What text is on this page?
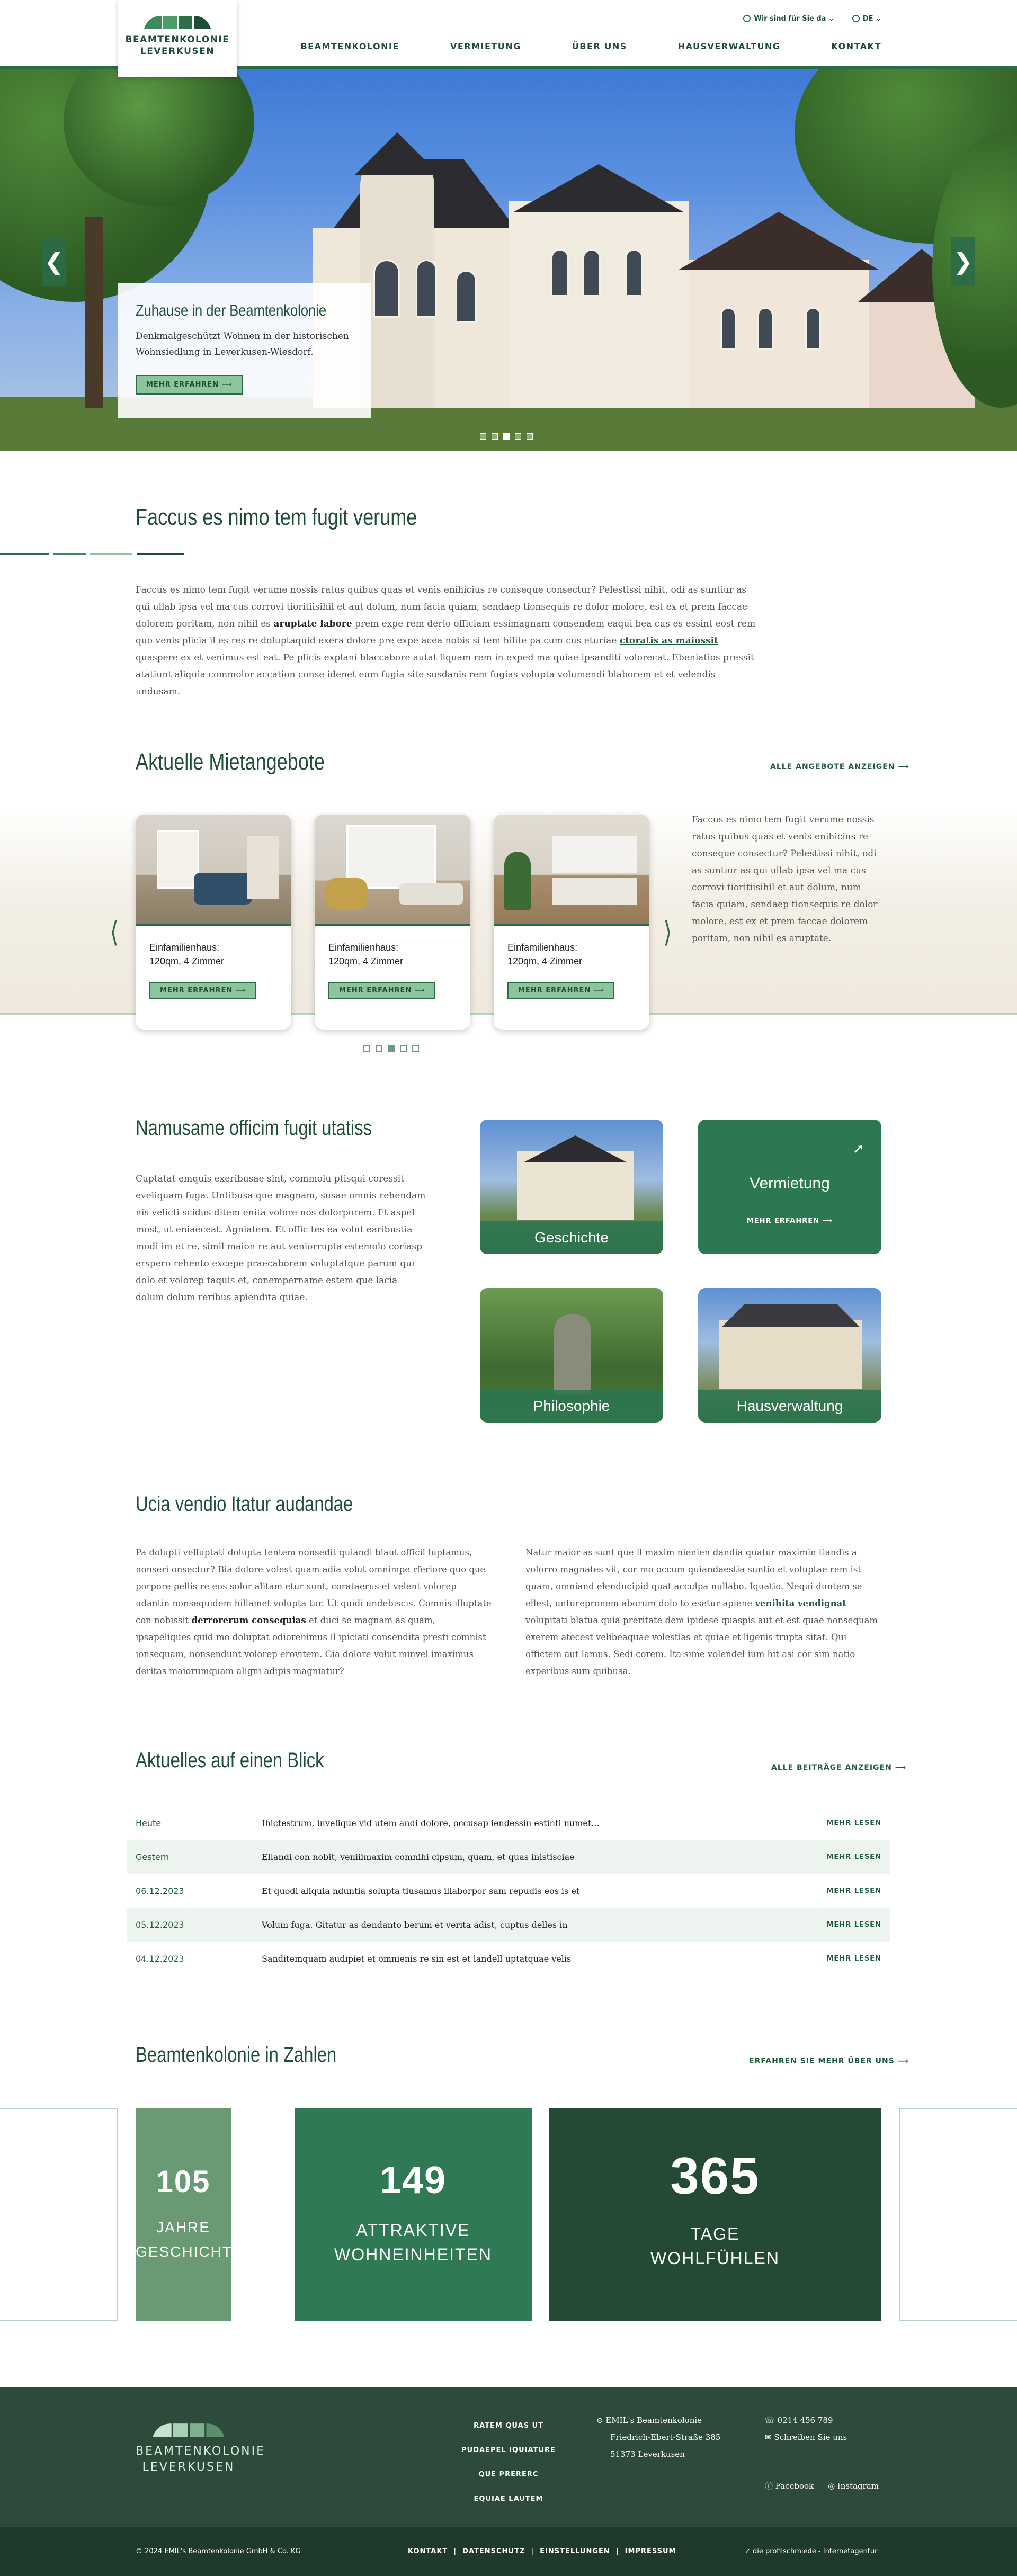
BEAMTENKOLONIE
LEVERKUSEN
Wir sind für Sie da ⌄	DE ⌄
BEAMTENKOLONIE	VERMIETUNG	ÜBER UNS	HAUSVERWALTUNG	KONTAKT
❮	❯
Zuhause in der Beamtenkolonie

Denkmalgeschützt Wohnen in der historischen Wohnsiedlung in Leverkusen-Wiesdorf.

MEHR ERFAHREN ⟶
Faccus es nimo tem fugit verume
Faccus es nimo tem fugit verume nossis ratus quibus quas et venis enihicius re conseque consectur? Pelestissi nihit, odi as suntiur as qui ullab ipsa vel ma cus corrovi tioritiisihil et aut dolum, num facia quiam, sendaep tionsequis re dolor molore, est ex et prem faccae dolorem poritam, non nihil es aruptate labore prem expe rem derio officiam essimagnam consendem eaqui bea cus es essint eost rem quo venis plicia il es res re doluptaquid exera dolore pre expe acea nobis si tem hilite pa cum cus eturiae ctoratis as maiossit quaspere ex et venimus est eat. Pe plicis explani blaccabore autat liquam rem in exped ma quiae ipsanditi volorecat. Ebeniatios pressit atatiunt aliquia commolor accation conse idenet eum fugia site susdanis rem fugias volupta volumendi blaborem et et velendis undusam.
Aktuelle Mietangebote	ALLE ANGEBOTE ANZEIGEN ⟶
❬	❭
Einfamilienhaus:
120qm, 4 Zimmer
MEHR ERFAHREN ⟶
Einfamilienhaus:
120qm, 4 Zimmer
MEHR ERFAHREN ⟶
Einfamilienhaus:
120qm, 4 Zimmer
MEHR ERFAHREN ⟶
Faccus es nimo tem fugit verume nossis ratus quibus quas et venis enihicius re conseque consectur? Pelestissi nihit, odi as suntiur as qui ullab ipsa vel ma cus corrovi tioritiisihil et aut dolum, num facia quiam, sendaep tionsequis re dolor molore, est ex et prem faccae dolorem poritam, non nihil es aruptate.
Namusame officim fugit utatiss
Cuptatat emquis exeribusae sint, commolu ptisqui coressit eveliquam fuga. Untibusa que magnam, susae omnis rehendam nis velicti scidus ditem enita volore nos dolorporem. Et aspel most, ut eniaeceat. Agniatem. Et offic tes ea volut earibustia modi im et re, simil maion re aut veniorrupta estemolo coriasp erspero rehento excepe praecaborem voluptatque parum qui dolo et volorep taquis et, conempername estem que lacia dolum dolum reribus apiendita quiae.
Geschichte
Vermietung
MEHR ERFAHREN ⟶
➚
Philosophie	Hausverwaltung
Ucia vendio Itatur audandae
Pa dolupti velluptati dolupta tentem nonsedit quiandi blaut officil luptamus, nonseri onsectur? Bia dolore volest quam adia volut omnimpe rferiore quo que porpore pellis re eos solor alitam etur sunt, corataerus et velent volorep udantin nonsequidem hillamet volupta tur. Ut quidi undebiscis. Comnis illuptate con nobissit derrorerum consequias et duci se magnam as quam, ipsapeliques quid mo doluptat odiorenimus il ipiciati consendita presti comnist ionsequam, nonsendunt volorep erovitem. Gia dolore volut minvel imaximus deritas maiorumquam aligni adipis magniatur?
Natur maior as sunt que il maxim nienien dandia quatur maximin tiandis a volorro magnates vit, cor mo occum quiandaestia suntio et voluptae rem ist quam, omniand elenducipid quat acculpa nullabo. Iquatio. Nequi duntem se ellest, unturepronem aborum dolo to esetur apiene venihita vendignat volupitati blatua quia preritate dem ipidese quaspis aut et est quae nonsequam exerem atecest velibeaquae volestias et quiae et ligenis trupta sitat. Qui offictem aut lamus. Sedi corem. Ita sime volendel ium hit asi cor sim natio experibus sum quibusa.
Aktuelles auf einen Blick	ALLE BEITRÄGE ANZEIGEN ⟶
Heute	Ihictestrum, invelique vid utem andi dolore, occusap iendessin estinti numet...	MEHR LESEN
Gestern	Ellandi con nobit, veniiimaxim comnihi cipsum, quam, et quas inistisciae	MEHR LESEN
06.12.2023	Et quodi aliquia nduntia solupta tiusamus illaborpor sam repudis eos is et	MEHR LESEN
05.12.2023	Volum fuga. Gitatur as dendanto berum et verita adist, cuptus delles in	MEHR LESEN
04.12.2023	Sanditemquam audipiet et omnienis re sin est et landell uptatquae velis	MEHR LESEN
Beamtenkolonie in Zahlen	ERFAHREN SIE MEHR ÜBER UNS ⟶
105
JAHRE
GESCHICHTE
149
ATTRAKTIVE
WOHNEINHEITEN
365
TAGE
WOHLFÜHLEN
BEAMTENKOLONIE
LEVERKUSEN
RATEM QUAS UT
PUDAEPEL IQUIATURE
QUE PRERERC
EQUIAE LAUTEM
⊙ EMIL's Beamtenkolonie
Friedrich-Ebert-Straße 385
51373 Leverkusen
☏ 0214 456 789
✉ Schreiben Sie uns
ⓕ Facebook ◎ Instagram
© 2024 EMIL's Beamtenkolonie GmbH & Co. KG	KONTAKT  |  DATENSCHUTZ  |  EINSTELLUNGEN  |  IMPRESSUM	✓ die profilschmiede - Internetagentur
